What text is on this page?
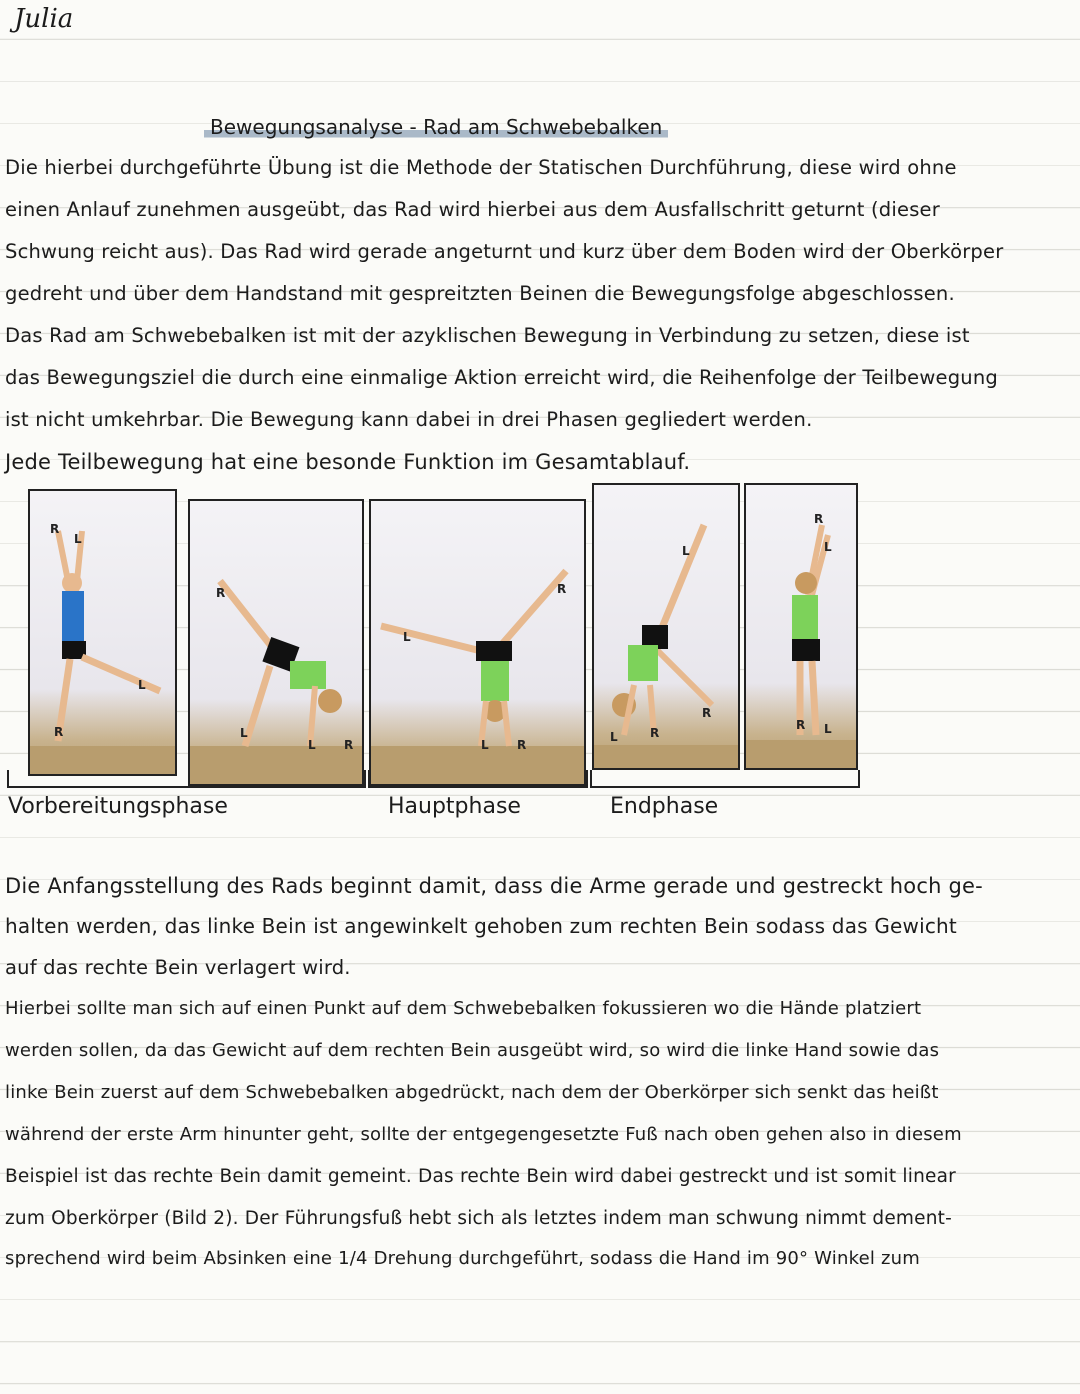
Julia
Bewegungsanalyse - Rad am Schwebebalken
Die hierbei durchgeführte Übung ist die Methode der Statischen Durchführung, diese wird ohne
einen Anlauf zunehmen ausgeübt, das Rad wird hierbei aus dem Ausfallschritt geturnt (dieser
Schwung reicht aus). Das Rad wird gerade angeturnt und kurz über dem Boden wird der Oberkörper
gedreht und über dem Handstand mit gespreitzten Beinen die Bewegungsfolge abgeschlossen.
Das Rad am Schwebebalken ist mit der azyklischen Bewegung in Verbindung zu setzen, diese ist
das Bewegungsziel die durch eine einmalige Aktion erreicht wird, die Reihenfolge der Teilbewegung
ist nicht umkehrbar. Die Bewegung kann dabei in drei Phasen gegliedert werden.
Jede Teilbewegung hat eine besonde Funktion im Gesamtablauf.
R
L
L
R
R
L
L R
L
R
L R
L
R
L	R
R
L
R L
Vorbereitungsphase	Hauptphase	Endphase
Die Anfangsstellung des Rads beginnt damit, dass die Arme gerade und gestreckt hoch ge-
halten werden, das linke Bein ist angewinkelt gehoben zum rechten Bein sodass das Gewicht
auf das rechte Bein verlagert wird.
Hierbei sollte man sich auf einen Punkt auf dem Schwebebalken fokussieren wo die Hände platziert
werden sollen, da das Gewicht auf dem rechten Bein ausgeübt wird, so wird die linke Hand sowie das
linke Bein zuerst auf dem Schwebebalken abgedrückt, nach dem der Oberkörper sich senkt das heißt
während der erste Arm hinunter geht, sollte der entgegengesetzte Fuß nach oben gehen also in diesem
Beispiel ist das rechte Bein damit gemeint. Das rechte Bein wird dabei gestreckt und ist somit linear
zum Oberkörper (Bild 2). Der Führungsfuß hebt sich als letztes indem man schwung nimmt dement-
sprechend wird beim Absinken eine 1/4 Drehung durchgeführt, sodass die Hand im 90° Winkel zum
